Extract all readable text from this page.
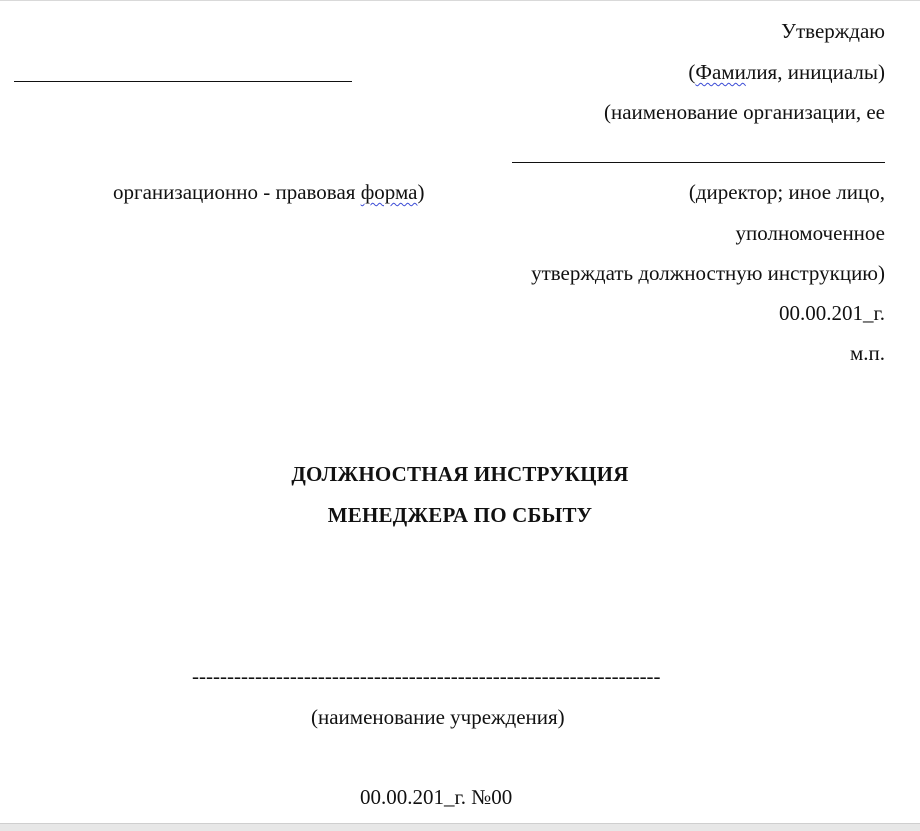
Утверждаю
(Фамилия, инициалы)
(наименование организации, ее
организационно - правовая форма)	(директор; иное лицо,
уполномоченное
утверждать должностную инструкцию)
00.00.201_г.
м.п.
ДОЛЖНОСТНАЯ ИНСТРУКЦИЯ
МЕНЕДЖЕРА ПО СБЫТУ
-------------------------------------------------------------------
(наименование учреждения)
00.00.201_г. №00
